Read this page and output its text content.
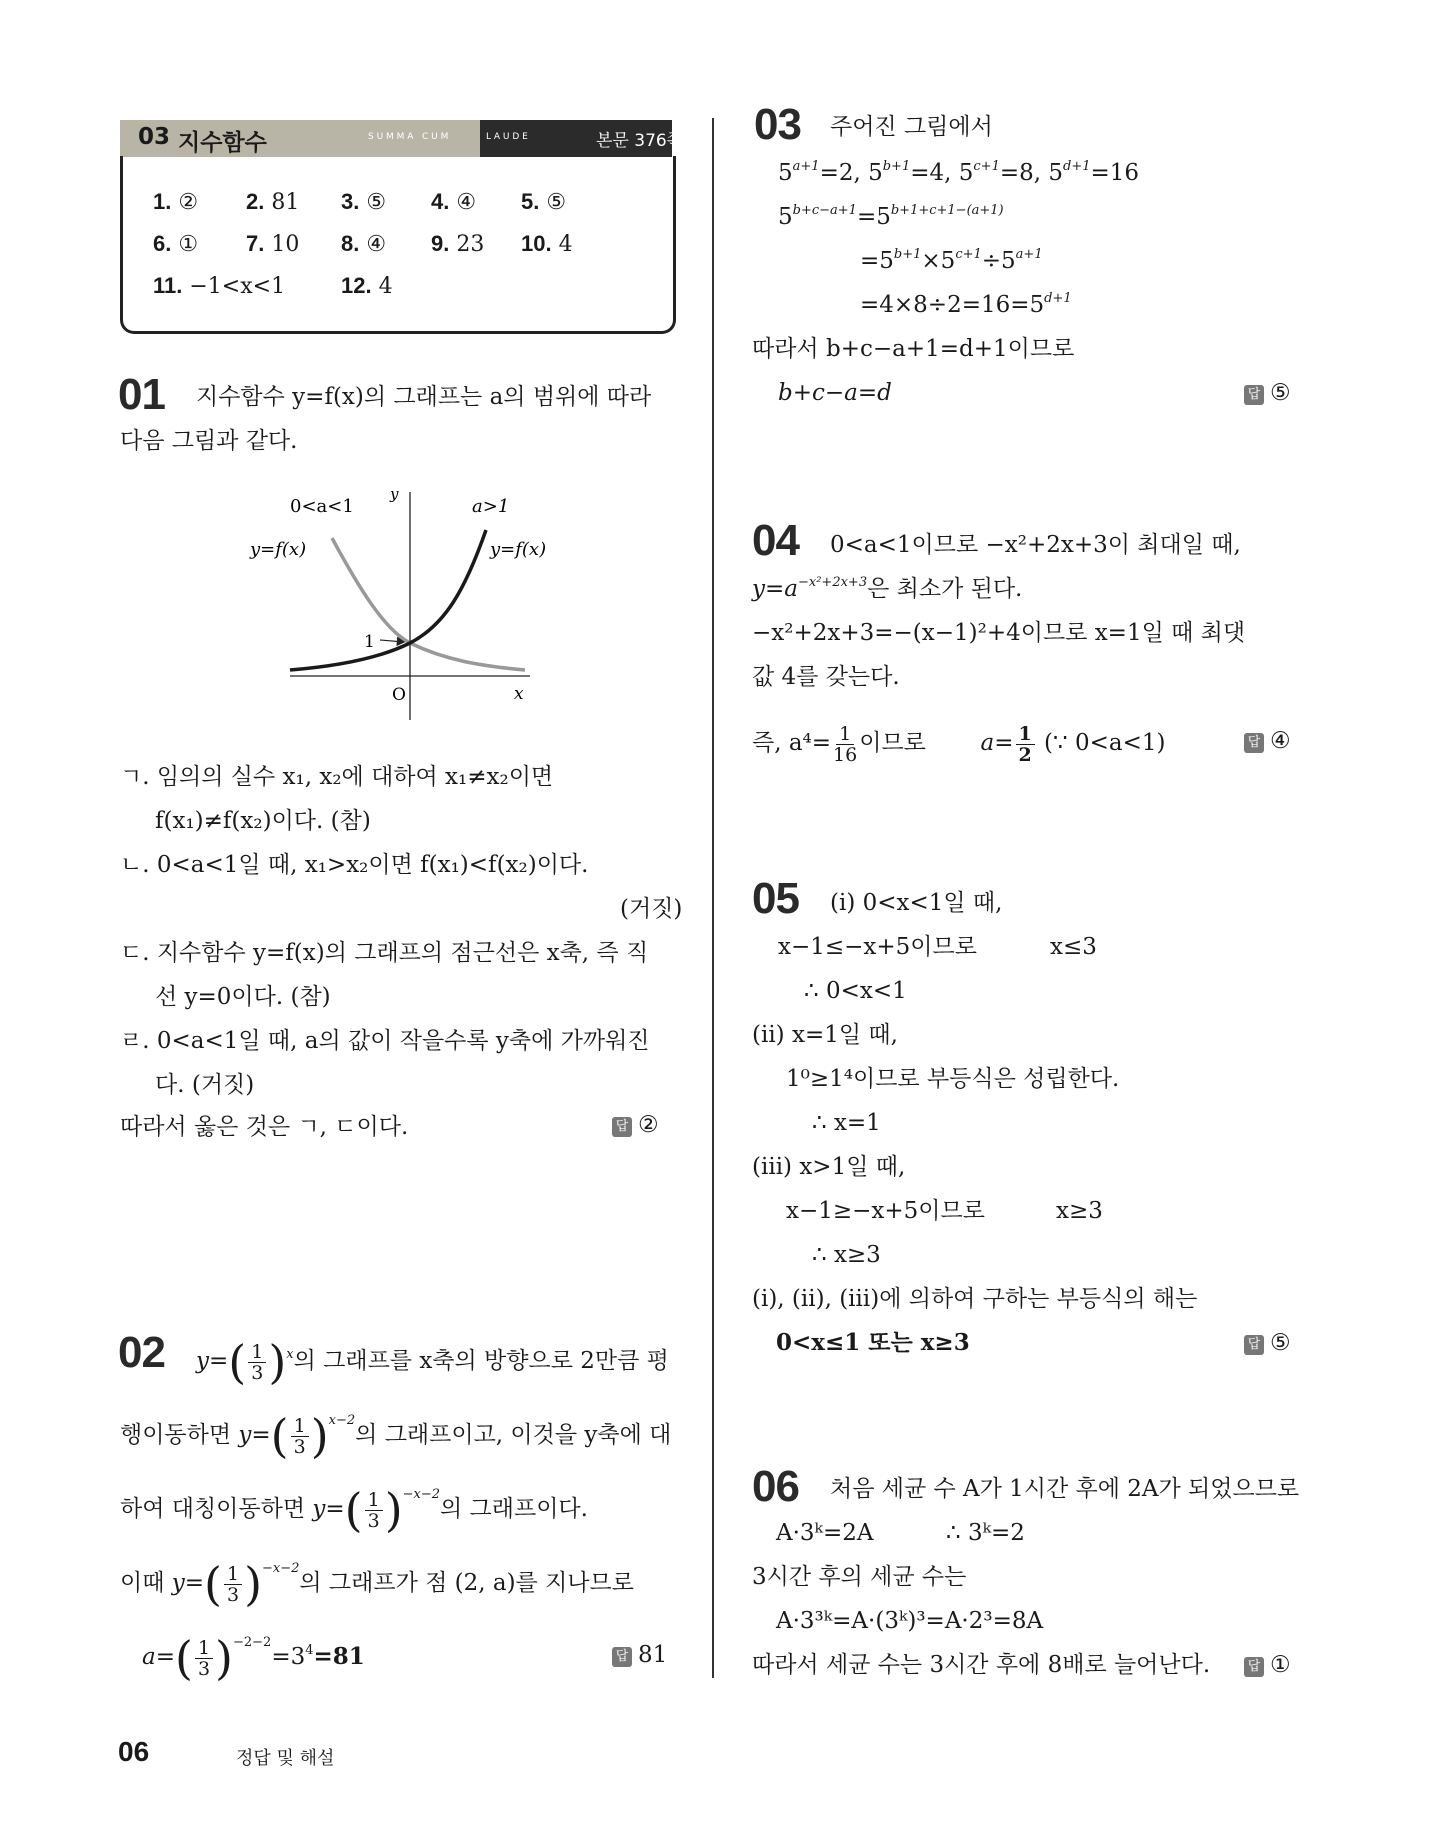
03 지수함수	S U M M A   C U M	L A U D E	본문 376쪽
1. ② 2. 81 3. ⑤ 4. ④ 5. ⑤
6. ① 7. 10 8. ④ 9. 23 10. 4
11. −1<x<1	12. 4
01 지수함수 y=f(x)의 그래프는 a의 범위에 따라
다음 그림과 같다.
1
O	x
y
0<a<1	a>1
y=f(x)	y=f(x)
ㄱ. 임의의 실수 x₁, x₂에 대하여 x₁≠x₂이면
f(x₁)≠f(x₂)이다. (참)
ㄴ. 0<a<1일 때, x₁>x₂이면 f(x₁)<f(x₂)이다.
(거짓)
ㄷ. 지수함수 y=f(x)의 그래프의 점근선은 x축, 즉 직
선 y=0이다. (참)
ㄹ. 0<a<1일 때, a의 값이 작을수록 y축에 가까워진
다. (거짓)
따라서 옳은 것은 ㄱ, ㄷ이다.	답 ②
02 $y=( \frac{1}{3} )^x$의 그래프를 x축의 방향으로 2만큼 평
행이동하면 $y=( \frac{1}{3} )^{x-2}$의 그래프이고, 이것을 y축에 대
하여 대칭이동하면 $y=( \frac{1}{3} )^{-x-2}$의 그래프이다.
이때 $y=( \frac{1}{3} )^{-x-2}$의 그래프가 점 (2, a)를 지나므로
$a=( \frac{1}{3} )^{-2-2}=3^4=81$	답 81
03 주어진 그림에서
$5^{a+1}=2$, $5^{b+1}=4$, $5^{c+1}=8$, $5^{d+1}=16$
$5^{b+c-a+1}=5^{b+1+c+1-(a+1)}$
$=5^{b+1}\times 5^{c+1}\div 5^{a+1}$
$=4\times 8\div 2=16=5^{d+1}$
따라서 b+c−a+1=d+1이므로
b+c−a=d	답 ⑤
04 0<a<1이므로 −x²+2x+3이 최대일 때,
$y=a^{-x^2+2x+3}$은 최소가 된다.
−x²+2x+3=−(x−1)²+4이므로 x=1일 때 최댓
값 4를 갖는다.
즉, $a^4= \frac{1}{16}$ 이므로 $a= \frac{1}{2}$ (∵ 0<a<1)	답 ④
05 (ⅰ) 0<x<1일 때,
x−1≤−x+5이므로	x≤3
∴ 0<x<1
(ⅱ) x=1일 때,
1⁰≥1⁴이므로 부등식은 성립한다.
∴ x=1
(ⅲ) x>1일 때,
x−1≥−x+5이므로	x≥3
∴ x≥3
(ⅰ), (ⅱ), (ⅲ)에 의하여 구하는 부등식의 해는
0<x≤1 또는 x≥3	답 ⑤
06 처음 세균 수 A가 1시간 후에 2A가 되었으므로
A·3ᵏ=2A	∴ 3ᵏ=2
3시간 후의 세균 수는
A·3³ᵏ=A·(3ᵏ)³=A·2³=8A
따라서 세균 수는 3시간 후에 8배로 늘어난다.	답 ①
06	정답 및 해설
